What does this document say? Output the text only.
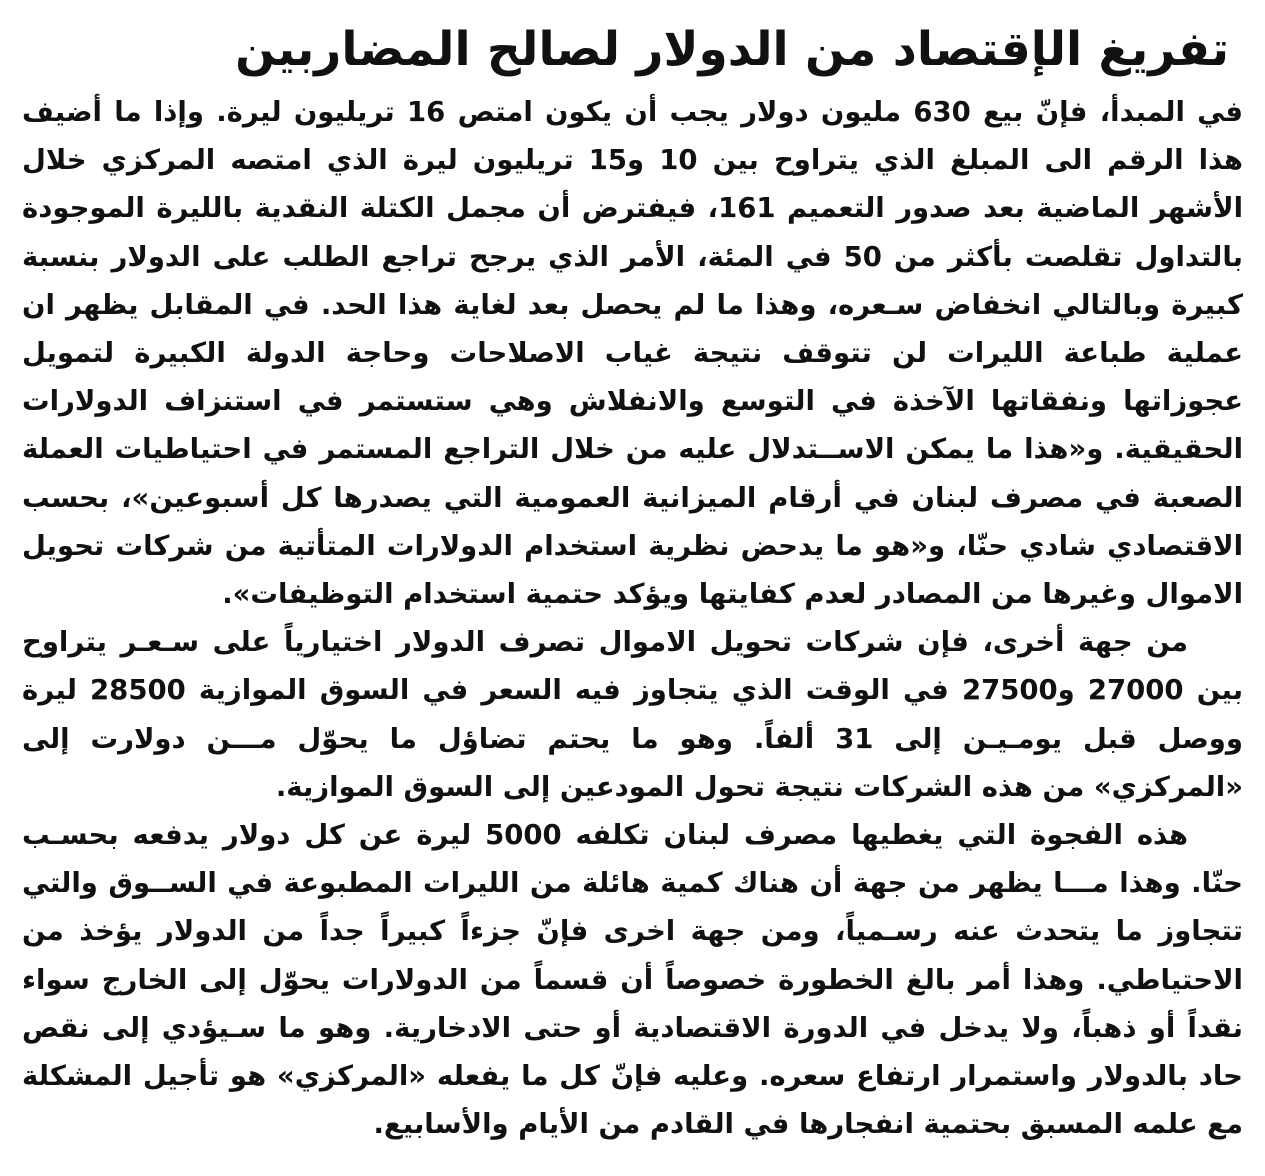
تفريغ الإقتصاد من الدولار لصالح المضاربين

في المبدأ، فإنّ بيع 630 مليون دولار يجب أن يكون امتص 16 تريليون ليرة. وإذا ما أضيف هذا الرقم الى المبلغ الذي يتراوح بين 10 و15 تريليون ليرة الذي امتصه المركزي خلال الأشهر الماضية بعد صدور التعميم 161، فيفترض أن مجمل الكتلة النقدية بالليرة الموجودة بالتداول تقلصت بأكثر من 50 في المئة، الأمر الذي يرجح تراجع الطلب على الدولار بنسبة كبيرة وبالتالي انخفاض سـعره، وهذا ما لم يحصل بعد لغاية هذا الحد. في المقابل يظهر ان عملية طباعة الليرات لن تتوقف نتيجة غياب الاصلاحات وحاجة الدولة الكبيرة لتمويل عجوزاتها ونفقاتها الآخذة في التوسع والانفلاش وهي ستستمر في استنزاف الدولارات الحقيقية. و«هذا ما يمكن الاســتدلال عليه من خلال التراجع المستمر في احتياطيات العملة الصعبة في مصرف لبنان في أرقام الميزانية العمومية التي يصدرها كل أسبوعين»، بحسب الاقتصادي شادي حنّا، و«هو ما يدحض نظرية استخدام الدولارات المتأتية من شركات تحويل الاموال وغيرها من المصادر لعدم كفايتها ويؤكد حتمية استخدام التوظيفات».

من جهة أخرى، فإن شركات تحويل الاموال تصرف الدولار اختيارياً على سـعـر يتراوح بين 27000 و27500 في الوقت الذي يتجاوز فيه السعر في السوق الموازية 28500 ليرة ووصل قبل يومـيـن إلى 31 ألفاً. وهو ما يحتم تضاؤل ما يحوّل مـــن دولارت إلى «المركزي» من هذه الشركات نتيجة تحول المودعين إلى السوق الموازية.

هذه الفجوة التي يغطيها مصرف لبنان تكلفه 5000 ليرة عن كل دولار يدفعه بحسـب حنّا. وهذا مـــا يظهر من جهة أن هناك كمية هائلة من الليرات المطبوعة في الســوق والتي تتجاوز ما يتحدث عنه رسـمياً، ومن جهة اخرى فإنّ جزءاً كبيراً جداً من الدولار يؤخذ من الاحتياطي. وهذا أمر بالغ الخطورة خصوصاً أن قسماً من الدولارات يحوّل إلى الخارج سواء نقداً أو ذهباً، ولا يدخل في الدورة الاقتصادية أو حتى الادخارية. وهو ما سـيؤدي إلى نقص حاد بالدولار واستمرار ارتفاع سعره. وعليه فإنّ كل ما يفعله «المركزي» هو تأجيل المشكلة مع علمه المسبق بحتمية انفجارها في القادم من الأيام والأسابيع.
